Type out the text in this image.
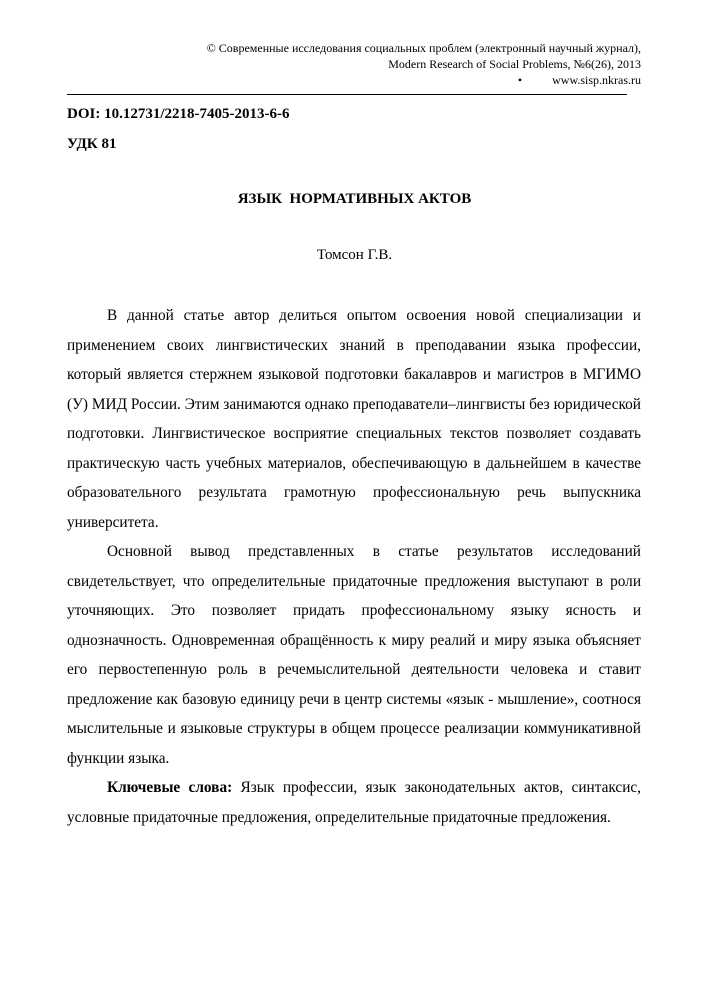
© Современные исследования социальных проблем (электронный научный журнал),
Modern Research of Social Problems, №6(26), 2013
•	www.sisp.nkras.ru
DOI: 10.12731/2218-7405-2013-6-6
УДК 81
ЯЗЫК  НОРМАТИВНЫХ АКТОВ
Томсон Г.В.

В данной статье автор делиться опытом освоения новой специализации и применением своих лингвистических знаний в преподавании языка профессии, который является стержнем языковой подготовки бакалавров и магистров в МГИМО (У) МИД России. Этим занимаются однако преподаватели–лингвисты без юридической подготовки. Лингвистическое восприятие специальных текстов позволяет создавать практическую часть учебных материалов, обеспечивающую в дальнейшем в качестве образовательного результата грамотную профессиональную речь выпускника университета.

Основной вывод представленных в статье результатов исследований свидетельствует, что определительные придаточные предложения выступают в роли уточняющих. Это позволяет придать профессиональному языку ясность и однозначность. Одновременная обращённость к миру реалий и миру языка объясняет его первостепенную роль в речемыслительной деятельности человека и ставит предложение как базовую единицу речи в центр системы «язык - мышление», соотнося мыслительные и языковые структуры в общем процессе реализации коммуникативной функции языка.

Ключевые слова: Язык профессии, язык законодательных актов, синтаксис, условные придаточные предложения, определительные придаточные предложения.
